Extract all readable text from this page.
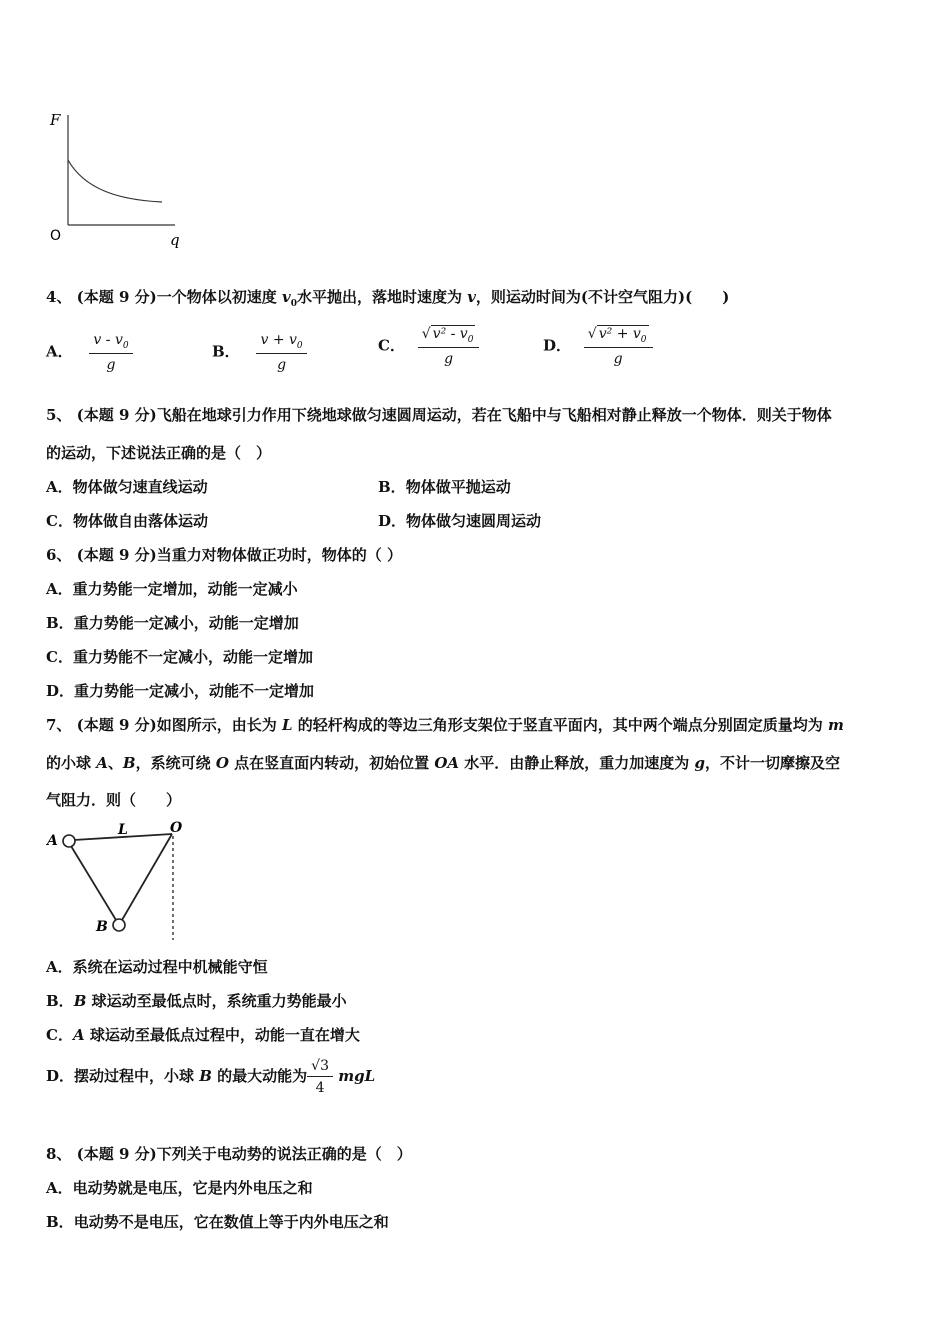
F
O	q
4、 (本题 9 分)一个物体以初速度 $v_0$水平抛出，落地时速度为 v，则运动时间为(不计空气阻力)(　　)
A． $\frac{v - v_0}{g}$	B． $\frac{v + v_0}{g}$	C． $\frac{√ v^2 - v_0}{g}$	D． $\frac{√ v^2 + v_0}{g}$
5、 (本题 9 分)飞船在地球引力作用下绕地球做匀速圆周运动，若在飞船中与飞船相对静止释放一个物体．则关于物体
的运动，下述说法正确的是（　）
A．物体做匀速直线运动	B．物体做平抛运动
C．物体做自由落体运动	D．物体做匀速圆周运动
6、 (本题 9 分)当重力对物体做正功时，物体的（ ）
A．重力势能一定增加，动能一定减小
B．重力势能一定减小，动能一定增加
C．重力势能不一定减小，动能一定增加
D．重力势能一定减小，动能不一定增加
7、 (本题 9 分)如图所示，由长为 L 的轻杆构成的等边三角形支架位于竖直平面内，其中两个端点分别固定质量均为 m
的小球 A、B，系统可绕 O 点在竖直面内转动，初始位置 OA 水平．由静止释放，重力加速度为 g，不计一切摩擦及空
气阻力．则（　　）
A
L	O
B
A．系统在运动过程中机械能守恒
B．B 球运动至最低点时，系统重力势能最小
C．A 球运动至最低点过程中，动能一直在增大
D．摆动过程中，小球 B 的最大动能为 $\frac{√3}{4}$ mgL
8、 (本题 9 分)下列关于电动势的说法正确的是（　）
A．电动势就是电压，它是内外电压之和
B．电动势不是电压，它在数值上等于内外电压之和
